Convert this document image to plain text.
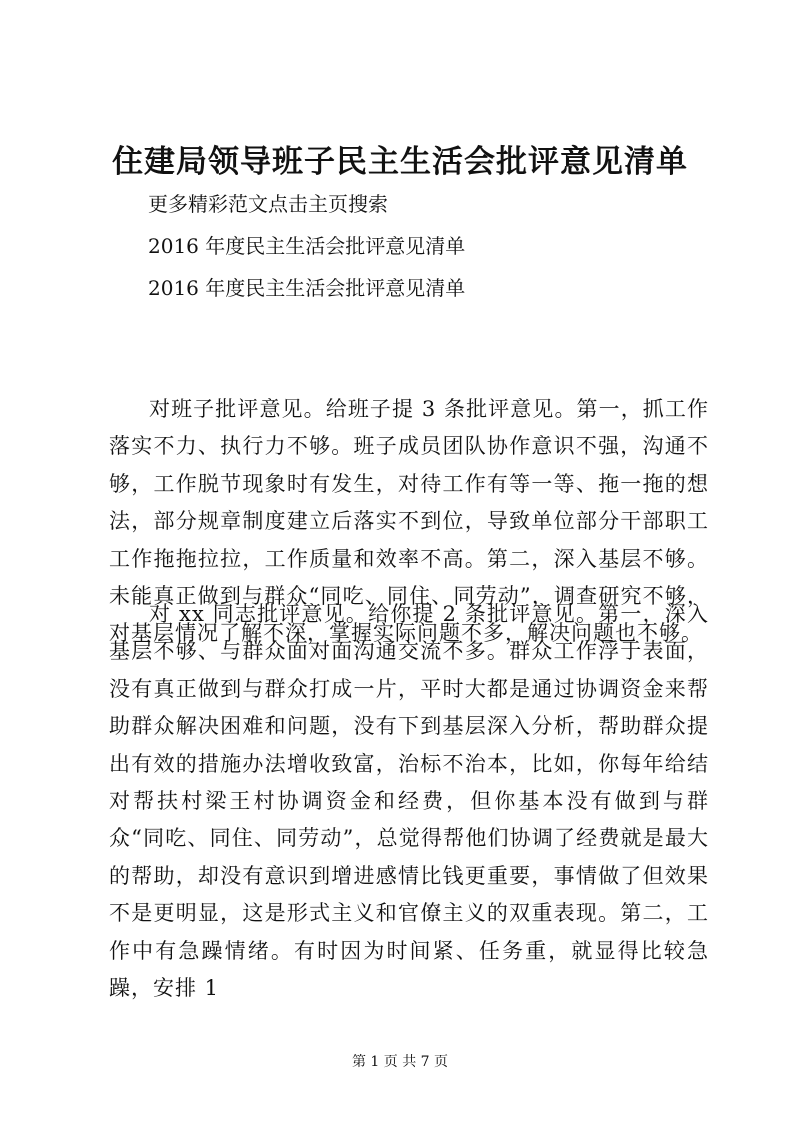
住建局领导班子民主生活会批评意见清单
更多精彩范文点击主页搜索
2016 年度民主生活会批评意见清单
2016 年度民主生活会批评意见清单

对班子批评意见。给班子提 3 条批评意见。第一，抓工作落实不力、执行力不够。班子成员团队协作意识不强，沟通不够，工作脱节现象时有发生，对待工作有等一等、拖一拖的想法，部分规章制度建立后落实不到位，导致单位部分干部职工工作拖拖拉拉，工作质量和效率不高。第二，深入基层不够。未能真正做到与群众“同吃、同住、同劳动”，调查研究不够，对基层情况了解不深，掌握实际问题不多，解决问题也不够。

对 xx 同志批评意见。给你提 2 条批评意见。第一，深入基层不够、与群众面对面沟通交流不多。群众工作浮于表面，没有真正做到与群众打成一片，平时大都是通过协调资金来帮助群众解决困难和问题，没有下到基层深入分析，帮助群众提出有效的措施办法增收致富，治标不治本，比如，你每年给结对帮扶村梁王村协调资金和经费，但你基本没有做到与群众“同吃、同住、同劳动”，总觉得帮他们协调了经费就是最大的帮助，却没有意识到增进感情比钱更重要，事情做了但效果不是更明显，这是形式主义和官僚主义的双重表现。第二，工作中有急躁情绪。有时因为时间紧、任务重，就显得比较急躁，安排 1

第 1 页 共 7 页
